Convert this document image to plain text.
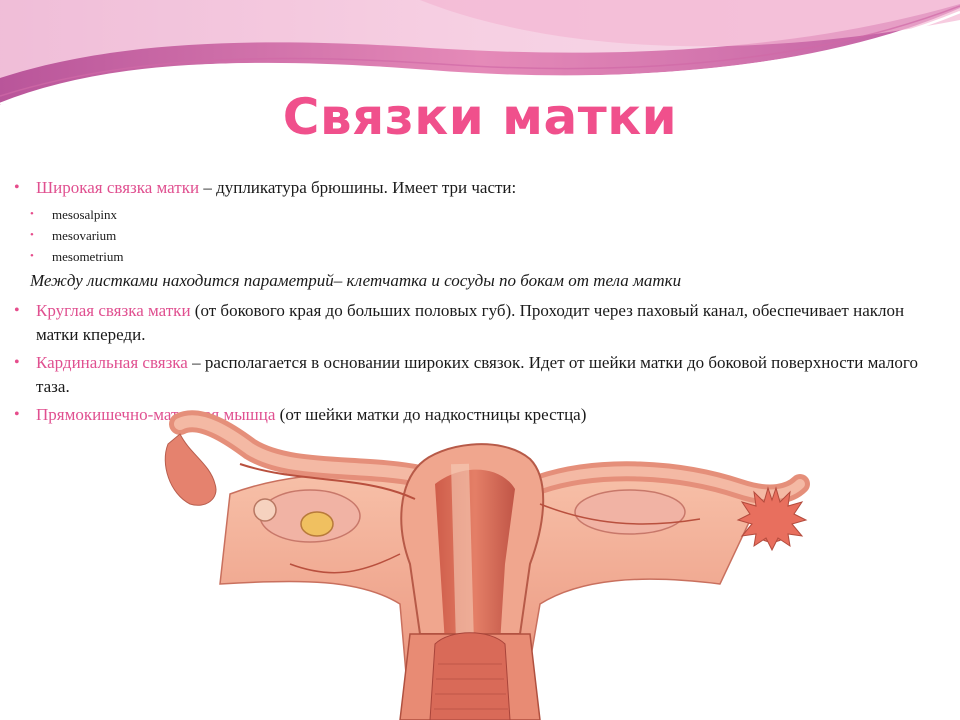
Связки матки
• Широкая связка матки – дупликатура брюшины. Имеет три части:
• mesosalpinx
• mesovarium
• mesometrium
Между листками находится параметрий– клетчатка и сосуды по бокам от тела матки
• Круглая связка матки (от бокового края до больших половых губ). Проходит через паховый канал, обеспечивает наклон матки кпереди.
• Кардинальная связка – располагается в основании широких связок. Идет от шейки матки до боковой поверхности малого таза.
• Прямокишечно-маточная мышца (от шейки матки до надкостницы крестца)
